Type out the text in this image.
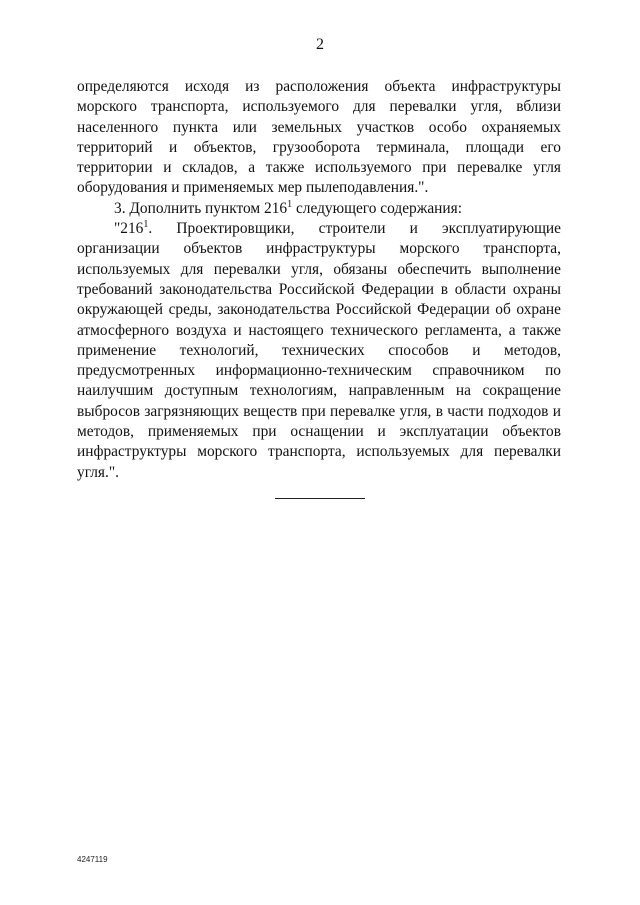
2

определяются исходя из расположения объекта инфраструктуры морского транспорта, используемого для перевалки угля, вблизи населенного пункта или земельных участков особо охраняемых территорий и объектов, грузооборота терминала, площади его территории и складов, а также используемого при перевалке угля оборудования и применяемых мер пылеподавления.".

3. Дополнить пунктом $216^1$ следующего содержания:

"$216^1$. Проектировщики, строители и эксплуатирующие организации объектов инфраструктуры морского транспорта, используемых для перевалки угля, обязаны обеспечить выполнение требований законодательства Российской Федерации в области охраны окружающей среды, законодательства Российской Федерации об охране атмосферного воздуха и настоящего технического регламента, а также применение технологий, технических способов и методов, предусмотренных информационно-техническим справочником по наилучшим доступным технологиям, направленным на сокращение выбросов загрязняющих веществ при перевалке угля, в части подходов и методов, применяемых при оснащении и эксплуатации объектов инфраструктуры морского транспорта, используемых для перевалки угля.".

4247119
